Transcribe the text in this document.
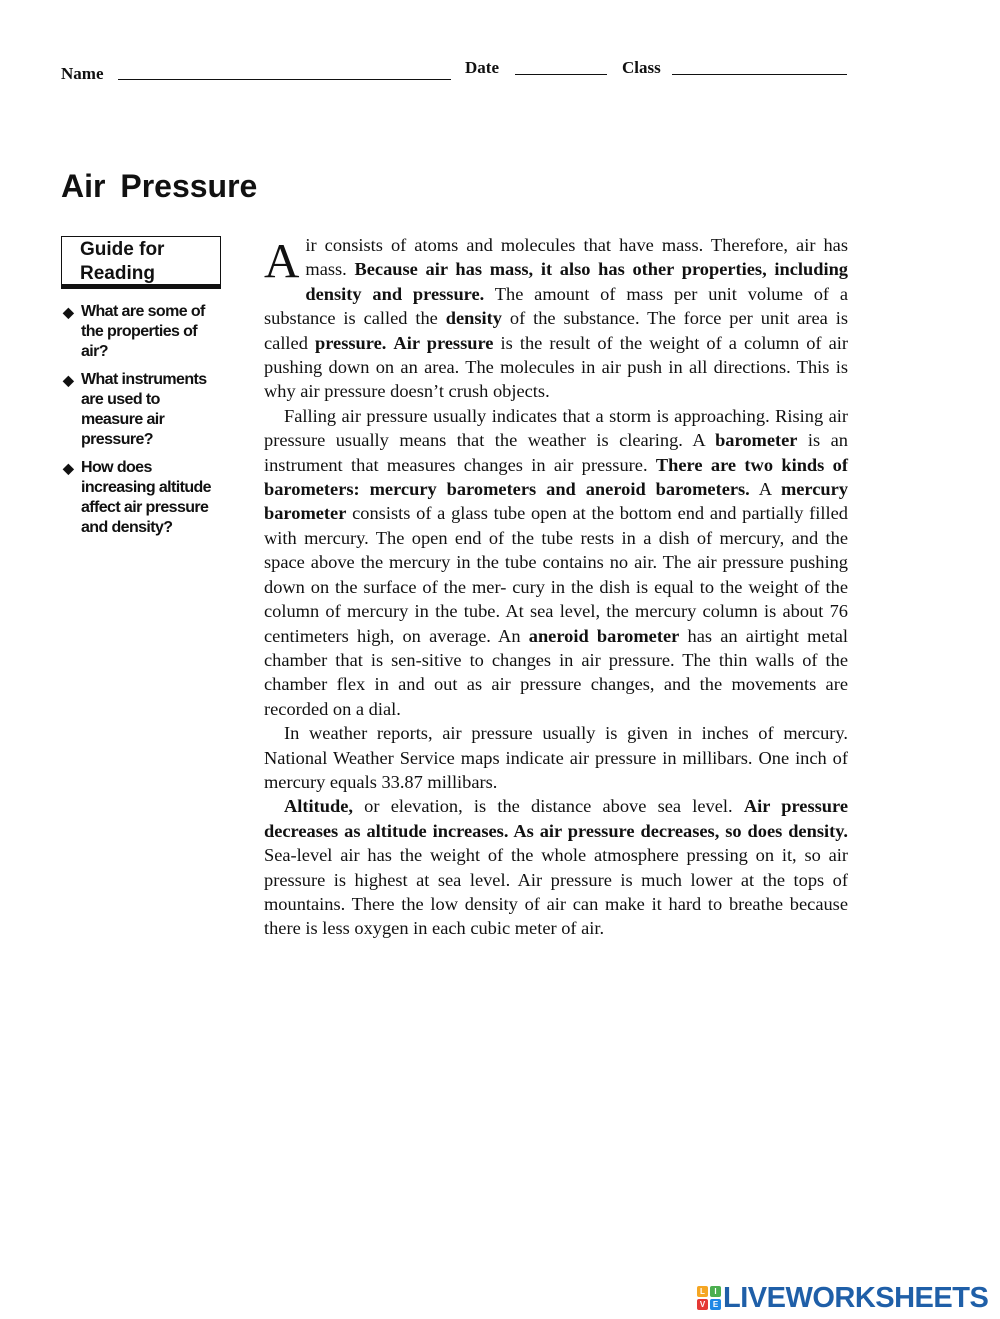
Name	Date	Class
Air Pressure
Guide for
Reading
◆ What are some of the properties of air?
◆ What instruments are used to measure air pressure?
◆ How does increasing altitude affect air pressure and density?

Air consists of atoms and molecules that have mass. Therefore, air has mass. Because air has mass, it also has other properties, including density and pressure. The amount of mass per unit volume of a substance is called the density of the substance. The force per unit area is called pressure. Air pressure is the result of the weight of a column of air pushing down on an area. The molecules in air push in all directions. This is why air pressure doesn’t crush objects.

Falling air pressure usually indicates that a storm is approaching. Rising air pressure usually means that the weather is clearing. A barometer is an instrument that measures changes in air pressure. There are two kinds of barometers: mercury barometers and aneroid barometers. A mercury barometer consists of a glass tube open at the bottom end and partially filled with mercury. The open end of the tube rests in a dish of mercury, and the space above the mercury in the tube contains no air. The air pressure pushing down on the surface of the mer- cury in the dish is equal to the weight of the column of mercury in the tube. At sea level, the mercury column is about 76 centimeters high, on average. An aneroid barometer has an airtight metal chamber that is sen-sitive to changes in air pressure. The thin walls of the chamber flex in and out as air pressure changes, and the movements are recorded on a dial.

In weather reports, air pressure usually is given in inches of mercury. National Weather Service maps indicate air pressure in millibars. One inch of mercury equals 33.87 millibars.

Altitude, or elevation, is the distance above sea level. Air pressure decreases as altitude increases. As air pressure decreases, so does density. Sea-level air has the weight of the whole atmosphere pressing on it, so air pressure is highest at sea level. Air pressure is much lower at the tops of mountains. There the low density of air can make it hard to breathe because there is less oxygen in each cubic meter of air.

L	I
V E LIVEWORKSHEETS
